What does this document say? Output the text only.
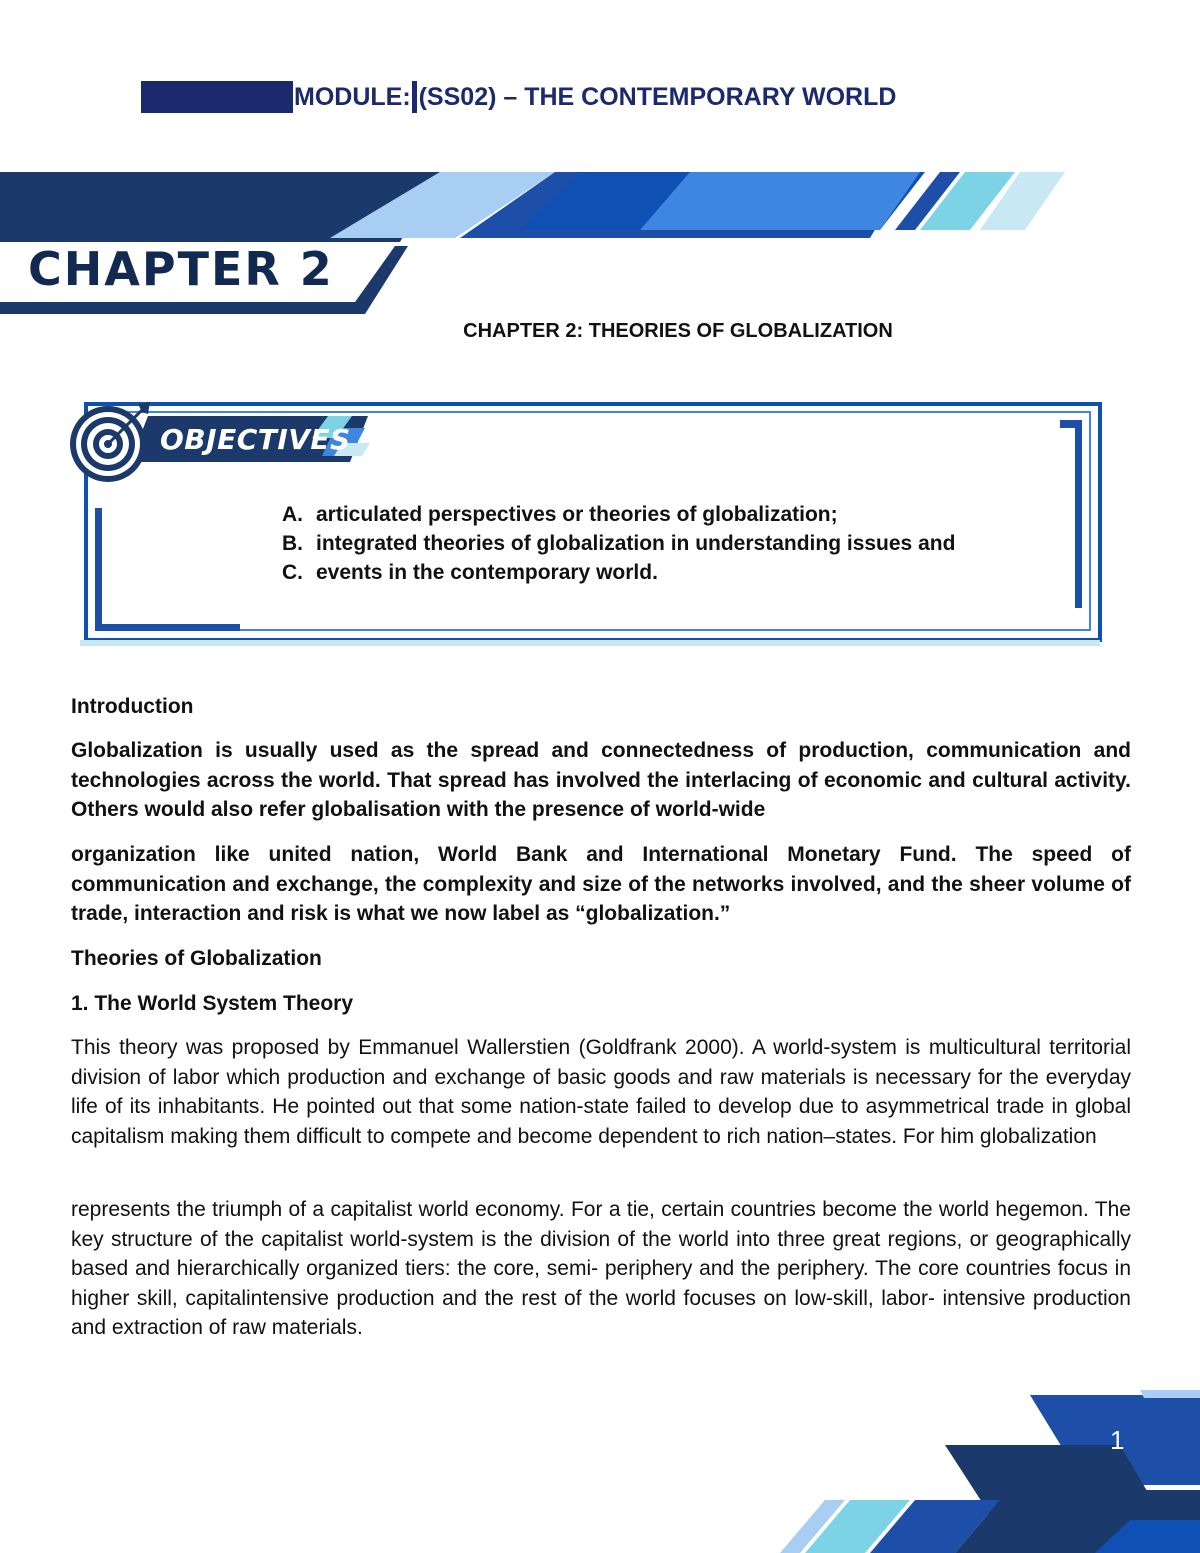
MODULE: (SS02) – THE CONTEMPORARY WORLD
CHAPTER 2
CHAPTER 2: THEORIES OF GLOBALIZATION
OBJECTIVES
A. articulated perspectives or theories of globalization;
B. integrated theories of globalization in understanding issues and
C. events in the contemporary world.

Introduction

Globalization is usually used as the spread and connectedness of production, communication and technologies across the world. That spread has involved the interlacing of economic and cultural activity. Others would also refer globalisation with the presence of world-wide

organization like united nation, World Bank and International Monetary Fund. The speed of communication and exchange, the complexity and size of the networks involved, and the sheer volume of trade, interaction and risk is what we now label as “globalization.”

Theories of Globalization

1. The World System Theory

This theory was proposed by Emmanuel Wallerstien (Goldfrank 2000). A world-system is multicultural territorial division of labor which production and exchange of basic goods and raw materials is necessary for the everyday life of its inhabitants. He pointed out that some nation-state failed to develop due to asymmetrical trade in global capitalism making them difficult to compete and become dependent to rich nation–states. For him globalization

represents the triumph of a capitalist world economy. For a tie, certain countries become the world hegemon. The key structure of the capitalist world-system is the division of the world into three great regions, or geographically based and hierarchically organized tiers: the core, semi- periphery and the periphery. The core countries focus in higher skill, capitalintensive production and the rest of the world focuses on low-skill, labor- intensive production and extraction of raw materials.

1
